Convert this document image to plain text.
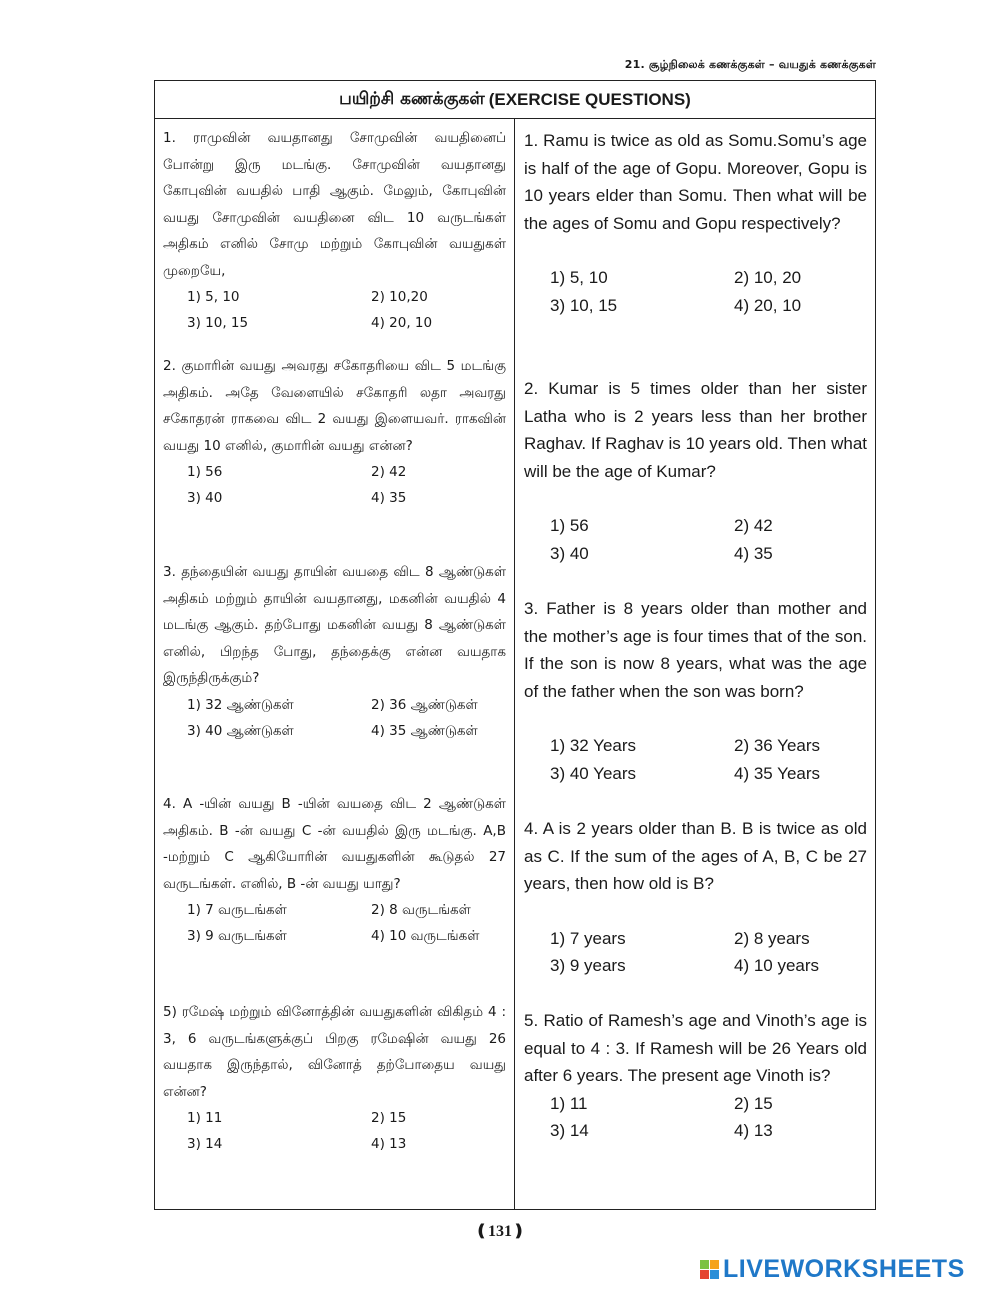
21. சூழ்நிலைக் கணக்குகள் – வயதுக் கணக்குகள்
பயிற்சி கணக்குகள் (EXERCISE QUESTIONS)
1. ராமுவின் வயதானது சோமுவின் வயதினைப் போன்று இரு மடங்கு. சோமுவின் வயதானது கோபுவின் வயதில் பாதி ஆகும். மேலும், கோபுவின் வயது சோமுவின் வயதினை விட 10 வருடங்கள் அதிகம் எனில் சோமு மற்றும் கோபுவின் வயதுகள் முறையே,
1) 5, 10	2) 10,20
3) 10, 15	4) 20, 10
2. குமாரின் வயது அவரது சகோதரியை விட 5 மடங்கு அதிகம். அதே வேளையில் சகோதரி லதா அவரது சகோதரன் ராகவை விட 2 வயது இளையவர். ராகவின் வயது 10 எனில், குமாரின் வயது என்ன?
1) 56	2) 42
3) 40	4) 35
3. தந்தையின் வயது தாயின் வயதை விட 8 ஆண்டுகள் அதிகம் மற்றும் தாயின் வயதானது, மகனின் வயதில் 4 மடங்கு ஆகும். தற்போது மகனின் வயது 8 ஆண்டுகள் எனில், பிறந்த போது, தந்தைக்கு என்ன வயதாக இருந்திருக்கும்?
1) 32 ஆண்டுகள்	2) 36 ஆண்டுகள்
3) 40 ஆண்டுகள்	4) 35 ஆண்டுகள்
4. A -யின் வயது B -யின் வயதை விட 2 ஆண்டுகள் அதிகம். B -ன் வயது C -ன் வயதில் இரு மடங்கு. A,B -மற்றும் C ஆகியோரின் வயதுகளின் கூடுதல் 27 வருடங்கள். எனில், B -ன் வயது யாது?
1) 7 வருடங்கள்	2) 8 வருடங்கள்
3) 9 வருடங்கள்	4) 10 வருடங்கள்
5) ரமேஷ் மற்றும் வினோத்தின் வயதுகளின் விகிதம் 4 : 3, 6 வருடங்களுக்குப் பிறகு ரமேஷின் வயது 26 வயதாக இருந்தால், வினோத் தற்போதைய வயது என்ன?
1) 11	2) 15
3) 14	4) 13
1. Ramu is twice as old as Somu.Somu’s age is half of the age of Gopu. Moreover, Gopu is 10 years elder than Somu. Then what will be the ages of Somu and Gopu respectively?
1) 5, 10	2) 10, 20
3) 10, 15	4) 20, 10
2. Kumar is 5 times older than her sister Latha who is 2 years less than her brother Raghav. If Raghav is 10 years old. Then what will be the age of Kumar?
1) 56	2) 42
3) 40	4) 35
3. Father is 8 years older than mother and the mother’s age is four times that of the son. If the son is now 8 years, what was the age of the father when the son was born?
1) 32 Years	2) 36 Years
3) 40 Years	4) 35 Years
4. A is 2 years older than B. B is twice as old as C. If the sum of the ages of A, B, C be 27 years, then how old is B?
1) 7 years	2) 8 years
3) 9 years	4) 10 years
5. Ratio of Ramesh’s age and Vinoth’s age is equal to 4 : 3. If Ramesh will be 26 Years old after 6 years. The present age Vinoth is?
1) 11	2) 15
3) 14	4) 13
❪131❫
LIVEWORKSHEETS
